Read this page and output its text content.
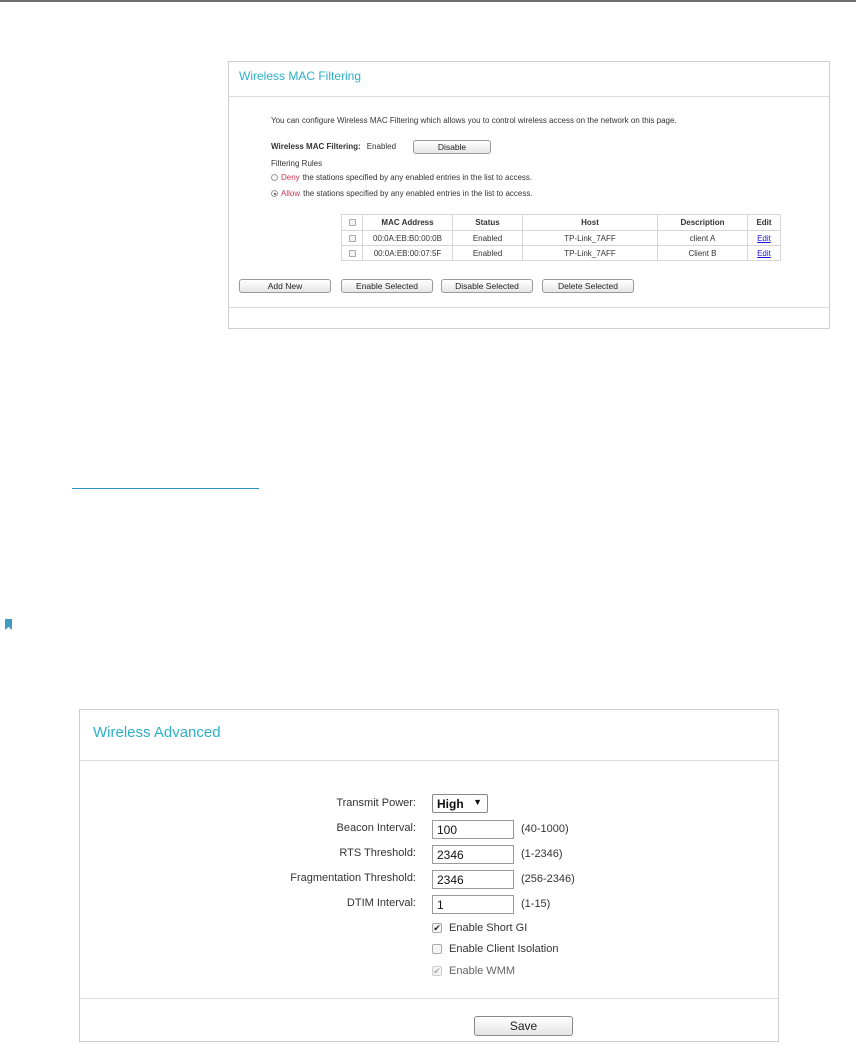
Wireless MAC Filtering
You can configure Wireless MAC Filtering which allows you to control wireless access on the network on this page.
Wireless MAC Filtering: Enabled	Disable
Filtering Rules
Deny the stations specified by any enabled entries in the list to access.
Allow the stations specified by any enabled entries in the list to access.
	MAC Address	Status	Host	Description	Edit
	00:0A:EB:B0:00:0B	Enabled	TP-Link_7AFF	client A	Edit
	00:0A:EB:00:07:5F	Enabled	TP-Link_7AFF	Client B	Edit
Add New	Enable Selected	Disable Selected	Delete Selected
Wireless Advanced
Transmit Power: High ▼
Beacon Interval:
100	(40-1000)
RTS Threshold:
2346	(1-2346)
Fragmentation Threshold:
2346	(256-2346)
DTIM Interval:
1	(1-15)
✔ Enable Short GI
Enable Client Isolation
✔ Enable WMM
Save
